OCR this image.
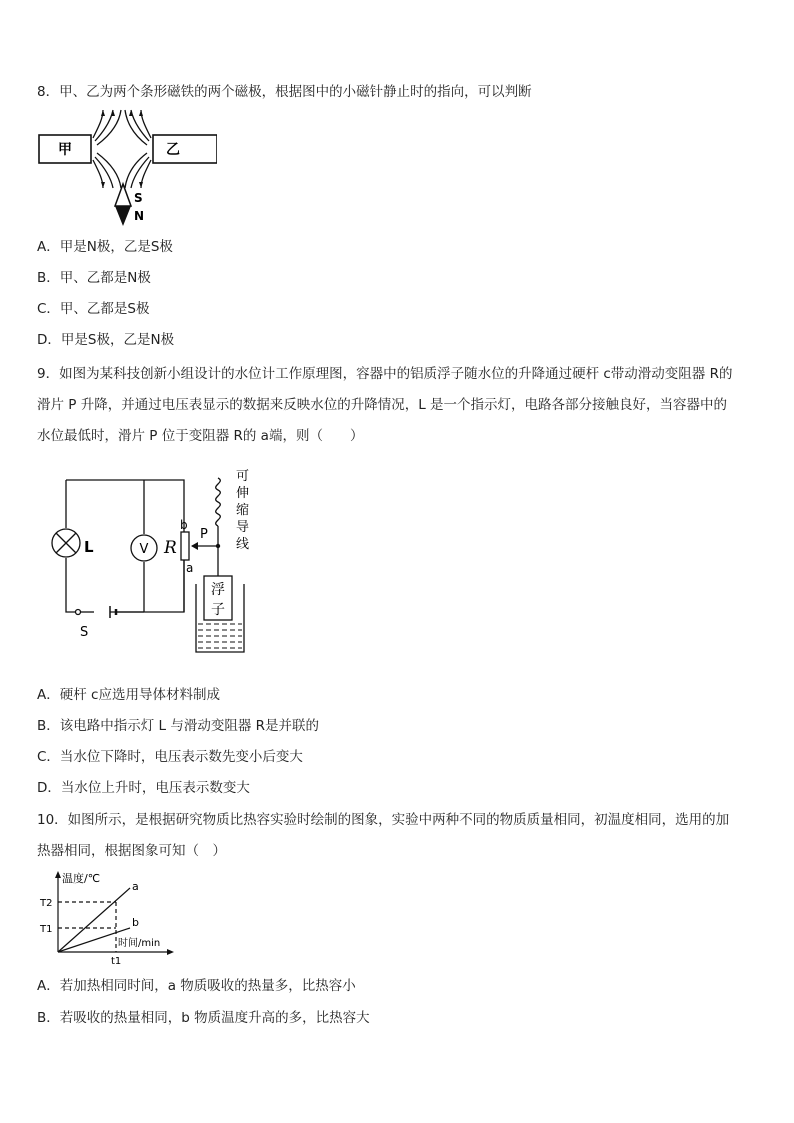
8．甲、乙为两个条形磁铁的两个磁极，根据图中的小磁针静止时的指向，可以判断
甲	乙
S
N
A．甲是N极，乙是S极
B．甲、乙都是N极
C．甲、乙都是S极
D．甲是S极，乙是N极
9．如图为某科技创新小组设计的水位计工作原理图，容器中的铝质浮子随水位的升降通过硬杆 c带动滑动变阻器 R的
滑片 P 升降，并通过电压表显示的数据来反映水位的升降情况，L 是一个指示灯，电路各部分接触良好，当容器中的
水位最低时，滑片 P 位于变阻器 R的 a端，则（　　）
L	V R
P
b
a
S
可
伸
缩
导
线
浮
子
A．硬杆 c应选用导体材料制成
B．该电路中指示灯 L 与滑动变阻器 R是并联的
C．当水位下降时，电压表示数先变小后变大
D．当水位上升时，电压表示数变大
10．如图所示，是根据研究物质比热容实验时绘制的图象，实验中两种不同的物质质量相同，初温度相同，选用的加
热器相同，根据图象可知（　）
温度/℃
时间/min
T2
T1
t1
a
b
A．若加热相同时间，a 物质吸收的热量多，比热容小
B．若吸收的热量相同，b 物质温度升高的多，比热容大
